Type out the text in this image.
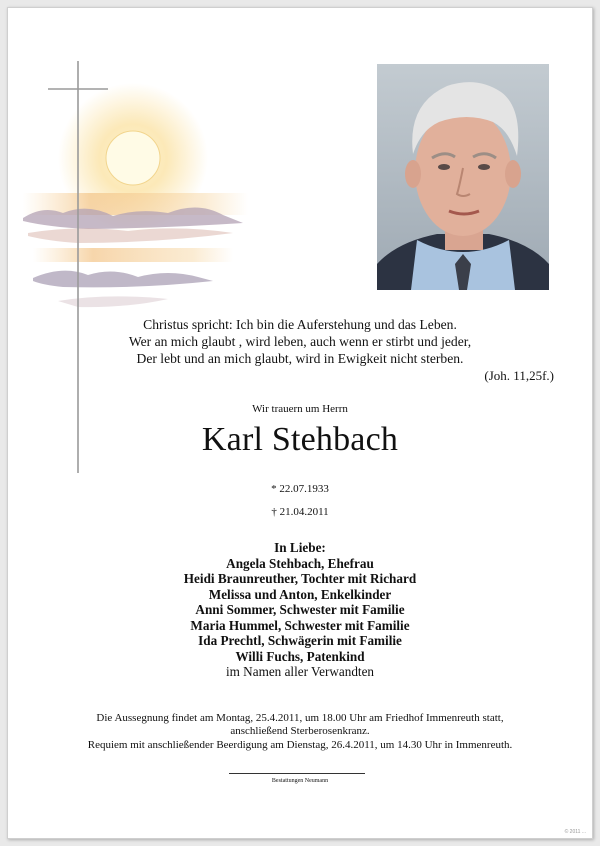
Christus spricht: Ich bin die Auferstehung und das Leben.
Wer an mich glaubt , wird leben, auch wenn er stirbt und jeder,
Der lebt und an mich glaubt, wird in Ewigkeit nicht sterben.
(Joh. 11,25f.)
Wir trauern um Herrn
Karl Stehbach
* 22.07.1933
† 21.04.2011
In Liebe:
Angela Stehbach, Ehefrau
Heidi Braunreuther, Tochter mit Richard
Melissa und Anton, Enkelkinder
Anni Sommer, Schwester mit Familie
Maria Hummel, Schwester mit Familie
Ida Prechtl, Schwägerin mit Familie
Willi Fuchs, Patenkind
im Namen aller Verwandten
Die Aussegnung findet am Montag, 25.4.2011, um 18.00 Uhr am Friedhof Immenreuth statt,
anschließend Sterberosenkranz.
Requiem mit anschließender Beerdigung am Dienstag, 26.4.2011, um 14.30 Uhr in Immenreuth.
Bestattungen Neumann
© 2011 ...
